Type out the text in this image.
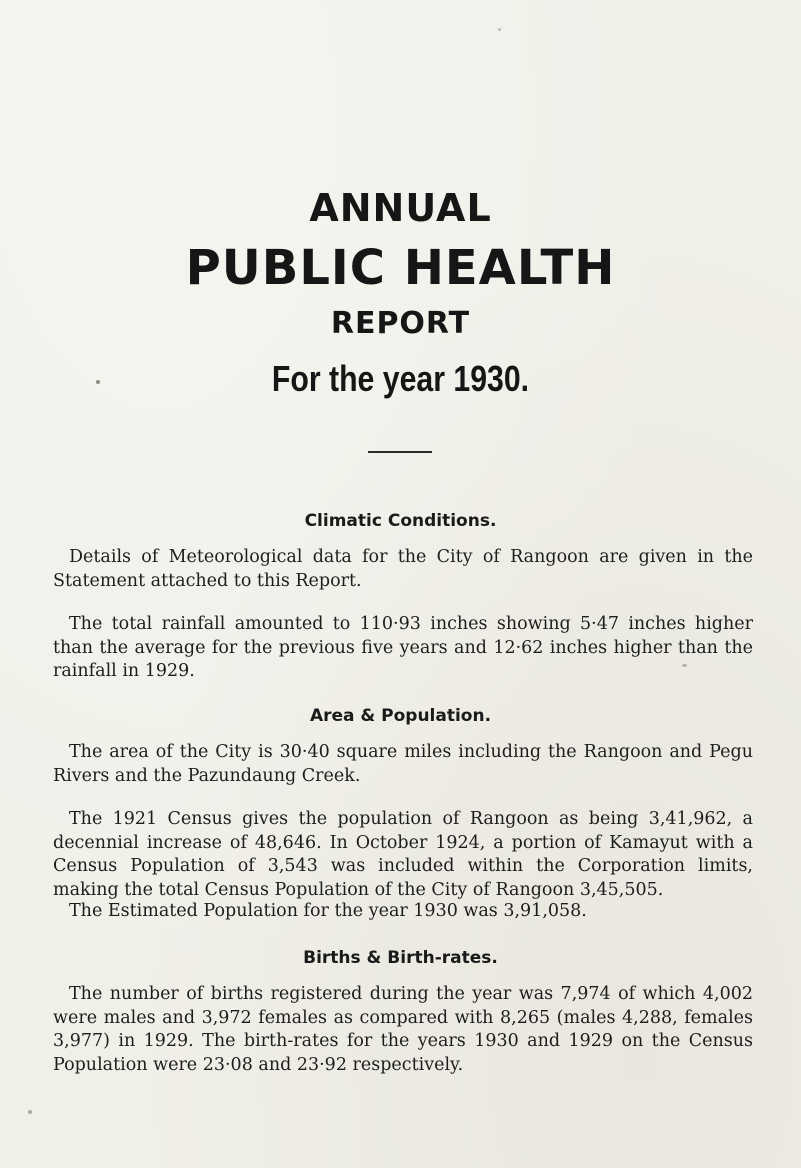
ANNUAL
PUBLIC HEALTH
REPORT
For the year 1930.
Climatic Conditions.

Details of Meteorological data for the City of Rangoon are given in the Statement attached to this Report.

The total rainfall amounted to 110·93 inches showing 5·47 inches higher than the average for the previous five years and 12·62 inches higher than the rainfall in 1929.

Area & Population.

The area of the City is 30·40 square miles including the Rangoon and Pegu Rivers and the Pazundaung Creek.

The 1921 Census gives the population of Rangoon as being 3,41,962, a decennial increase of 48,646. In October 1924, a portion of Kamayut with a Census Population of 3,543 was included within the Corporation limits, making the total Census Population of the City of Rangoon 3,45,505.

The Estimated Population for the year 1930 was 3,91,058.

Births & Birth-rates.

The number of births registered during the year was 7,974 of which 4,002 were males and 3,972 females as compared with 8,265 (males 4,288, females 3,977) in 1929. The birth-rates for the years 1930 and 1929 on the Census Population were 23·08 and 23·92 respectively.
